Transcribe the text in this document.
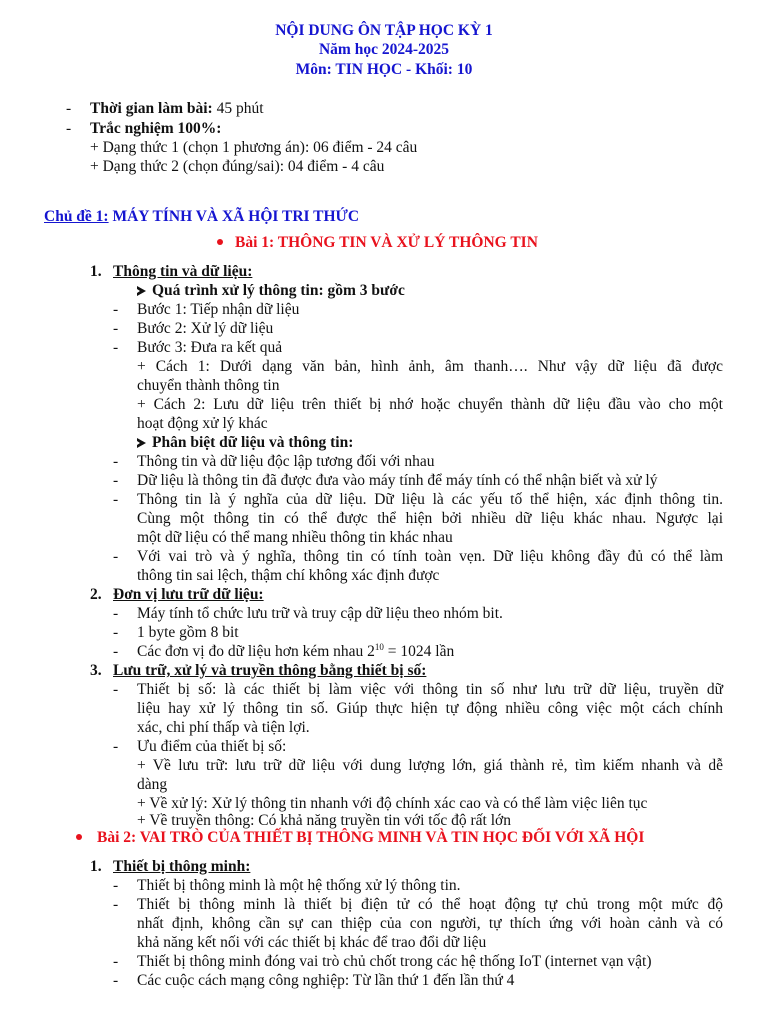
NỘI DUNG ÔN TẬP HỌC KỲ 1
Năm học 2024-2025
Môn: TIN HỌC - Khối: 10
- Thời gian làm bài: 45 phút
- Trắc nghiệm 100%:
+ Dạng thức 1 (chọn 1 phương án): 06 điểm - 24 câu
+ Dạng thức 2 (chọn đúng/sai): 04 điểm - 4 câu
Chủ đề 1: MÁY TÍNH VÀ XÃ HỘI TRI THỨC
Bài 1: THÔNG TIN VÀ XỬ LÝ THÔNG TIN
1. Thông tin và dữ liệu:
Quá trình xử lý thông tin: gồm 3 bước
- Bước 1: Tiếp nhận dữ liệu
- Bước 2: Xử lý dữ liệu
- Bước 3: Đưa ra kết quả
+ Cách 1: Dưới dạng văn bản, hình ảnh, âm thanh…. Như vậy dữ liệu đã được
chuyển thành thông tin
+ Cách 2: Lưu dữ liệu trên thiết bị nhớ hoặc chuyển thành dữ liệu đầu vào cho một
hoạt động xử lý khác
Phân biệt dữ liệu và thông tin:
- Thông tin và dữ liệu độc lập tương đối với nhau
- Dữ liệu là thông tin đã được đưa vào máy tính để máy tính có thể nhận biết và xử lý
- Thông tin là ý nghĩa của dữ liệu. Dữ liệu là các yếu tố thể hiện, xác định thông tin.
Cùng một thông tin có thể được thể hiện bởi nhiều dữ liệu khác nhau. Ngược lại
một dữ liệu có thể mang nhiều thông tin khác nhau
- Với vai trò và ý nghĩa, thông tin có tính toàn vẹn. Dữ liệu không đầy đủ có thể làm
thông tin sai lệch, thậm chí không xác định được
2. Đơn vị lưu trữ dữ liệu:
- Máy tính tổ chức lưu trữ và truy cập dữ liệu theo nhóm bit.
- 1 byte gồm 8 bit
- Các đơn vị đo dữ liệu hơn kém nhau $2^{10} = 1024$ lần
3. Lưu trữ, xử lý và truyền thông bằng thiết bị số:
- Thiết bị số: là các thiết bị làm việc với thông tin số như lưu trữ dữ liệu, truyền dữ
liệu hay xử lý thông tin số. Giúp thực hiện tự động nhiều công việc một cách chính
xác, chi phí thấp và tiện lợi.
- Ưu điểm của thiết bị số:
+ Về lưu trữ: lưu trữ dữ liệu với dung lượng lớn, giá thành rẻ, tìm kiếm nhanh và dễ
dàng
+ Về xử lý: Xử lý thông tin nhanh với độ chính xác cao và có thể làm việc liên tục
+ Về truyền thông: Có khả năng truyền tin với tốc độ rất lớn
Bài 2: VAI TRÒ CỦA THIẾT BỊ THÔNG MINH VÀ TIN HỌC ĐỐI VỚI XÃ HỘI
1. Thiết bị thông minh:
- Thiết bị thông minh là một hệ thống xử lý thông tin.
- Thiết bị thông minh là thiết bị điện tử có thể hoạt động tự chủ trong một mức độ
nhất định, không cần sự can thiệp của con người, tự thích ứng với hoàn cảnh và có
khả năng kết nối với các thiết bị khác để trao đổi dữ liệu
- Thiết bị thông minh đóng vai trò chủ chốt trong các hệ thống IoT (internet vạn vật)
- Các cuộc cách mạng công nghiệp: Từ lần thứ 1 đến lần thứ 4
